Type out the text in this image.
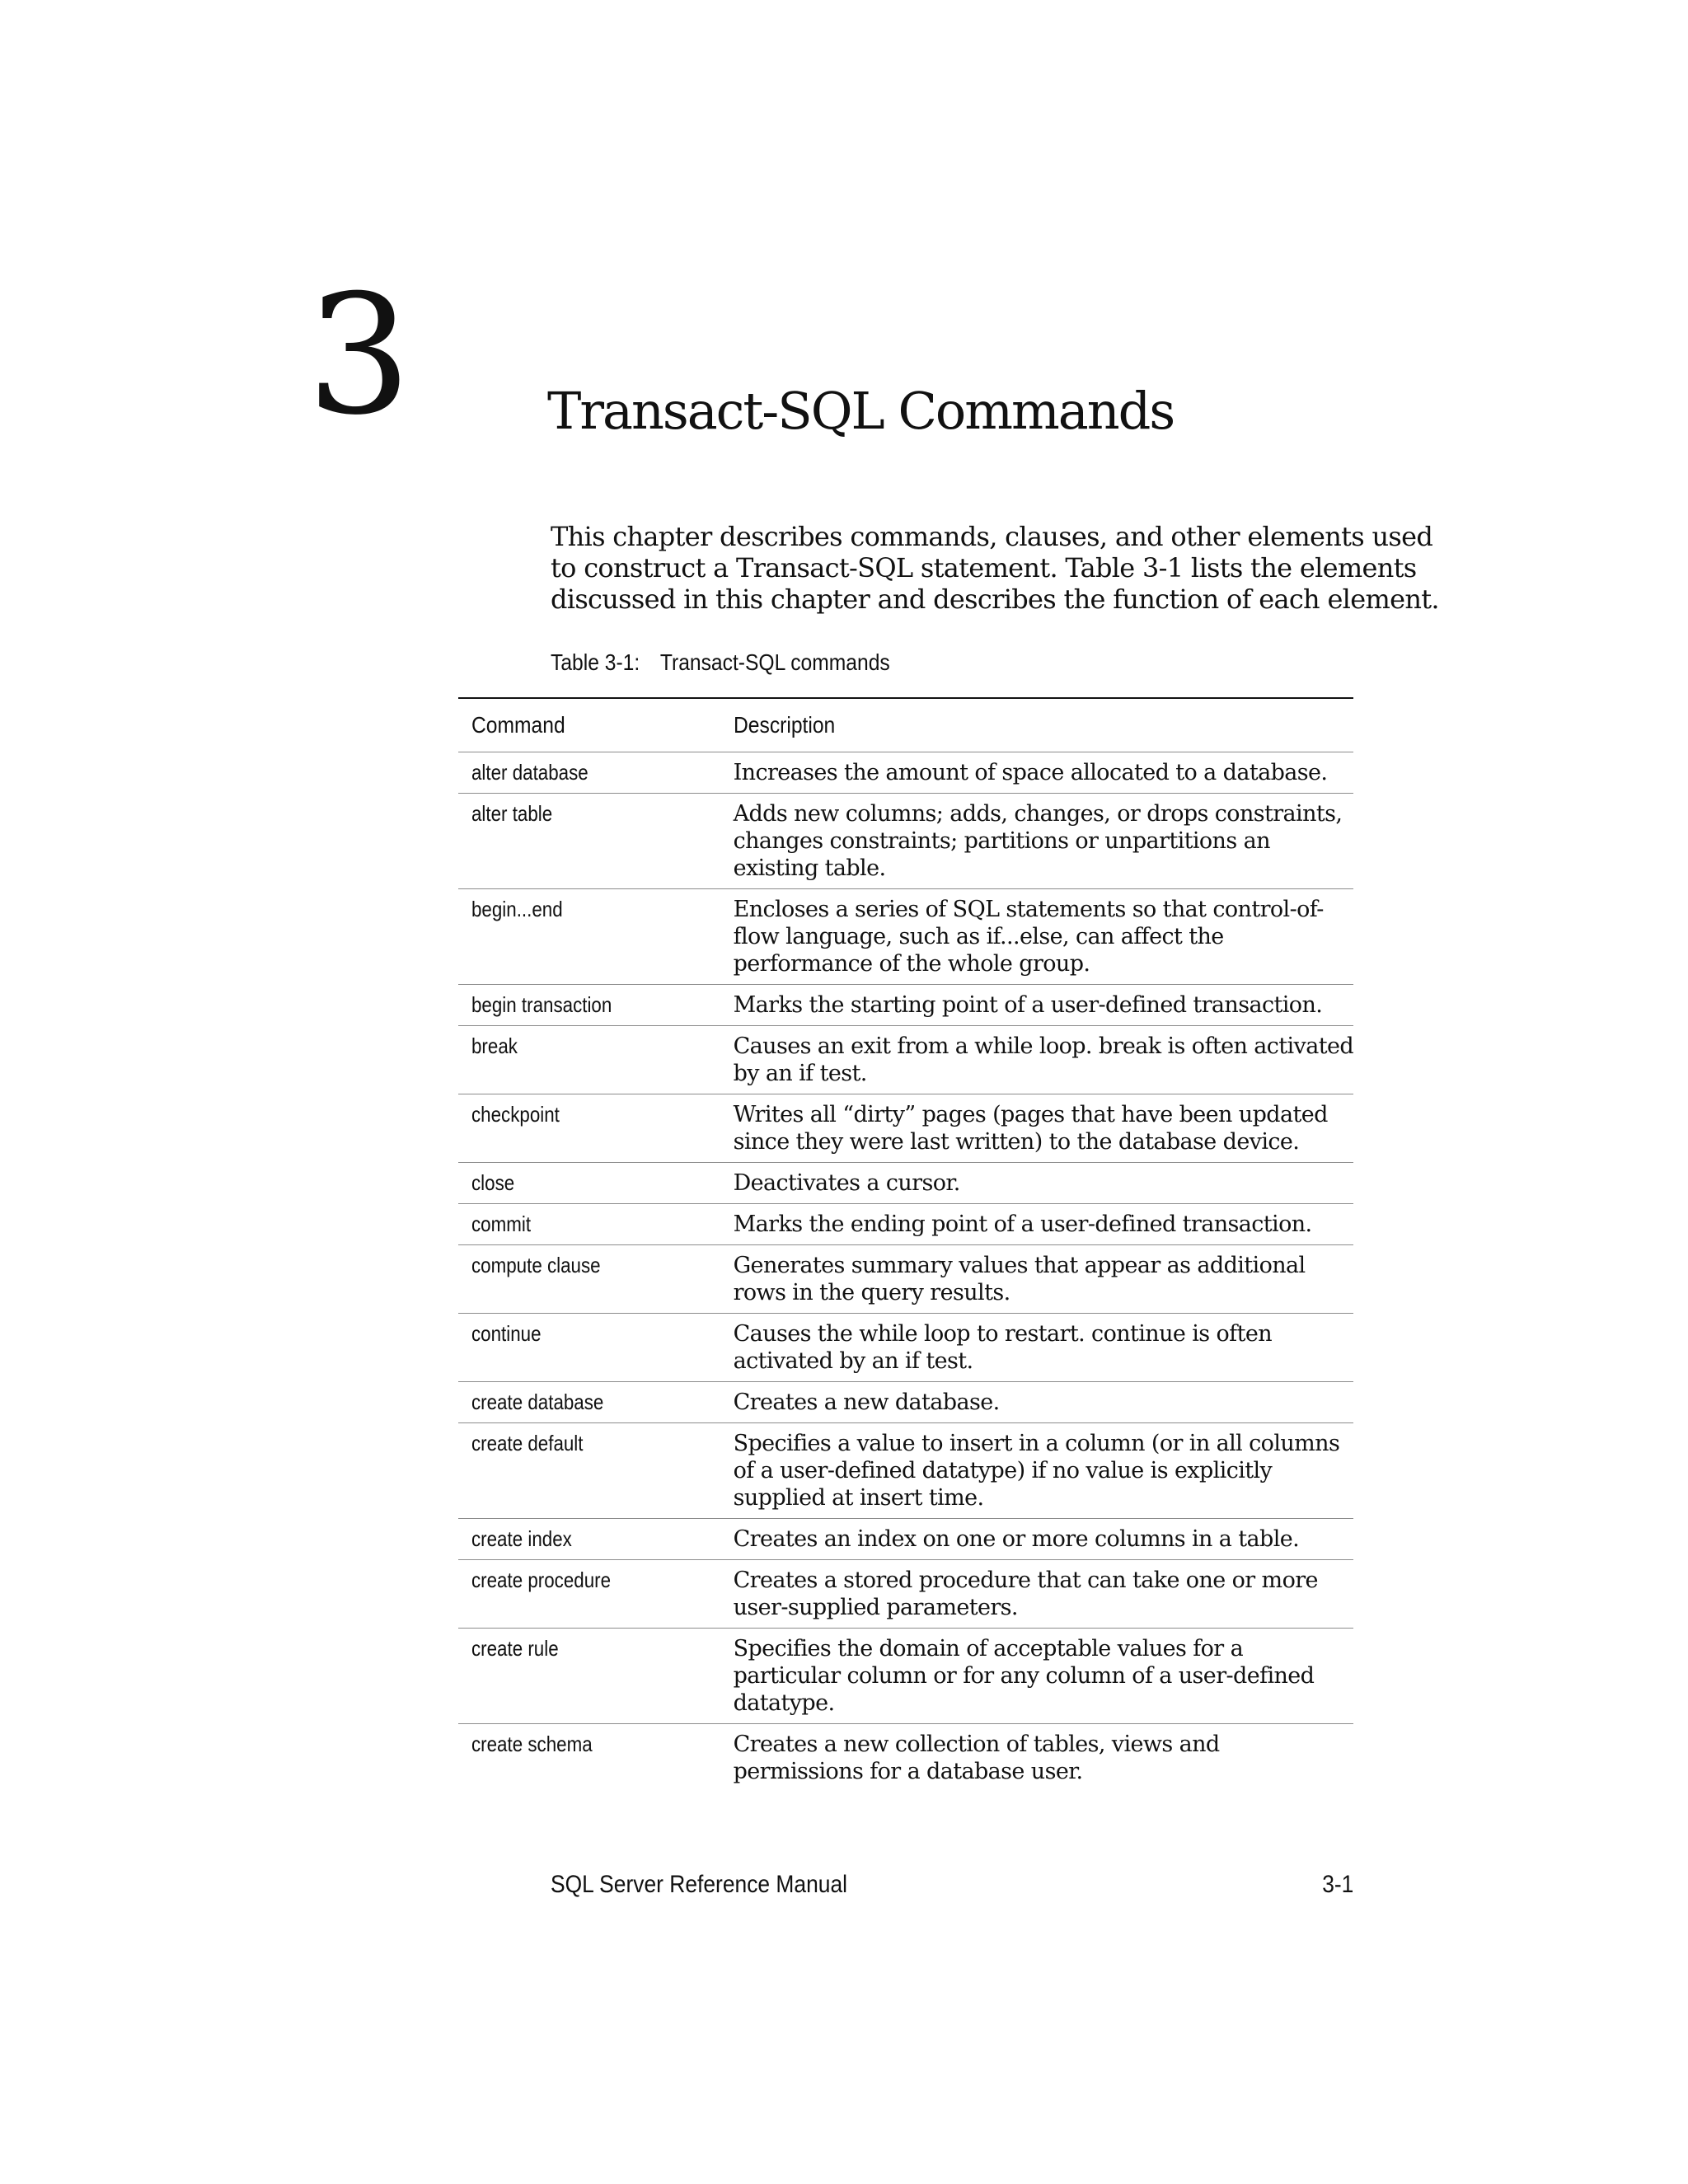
3	Transact-SQL Commands
This chapter describes commands, clauses, and other elements used
to construct a Transact-SQL statement. Table 3-1 lists the elements
discussed in this chapter and describes the function of each element.
Table 3-1: Transact-SQL commands
Command	Description
alter database	Increases the amount of space allocated to a database.

alter table	Adds new columns; adds, changes, or drops constraints,
changes constraints; partitions or unpartitions an
existing table.

begin...end	Encloses a series of SQL statements so that control-of-
flow language, such as if...else, can affect the
performance of the whole group.

begin transaction	Marks the starting point of a user-defined transaction.

break	Causes an exit from a while loop. break is often activated
by an if test.

checkpoint	Writes all “dirty” pages (pages that have been updated
since they were last written) to the database device.

close	Deactivates a cursor.

commit	Marks the ending point of a user-defined transaction.

compute clause	Generates summary values that appear as additional
rows in the query results.

continue	Causes the while loop to restart. continue is often
activated by an if test.

create database	Creates a new database.

create default	Specifies a value to insert in a column (or in all columns
of a user-defined datatype) if no value is explicitly
supplied at insert time.

create index	Creates an index on one or more columns in a table.

create procedure	Creates a stored procedure that can take one or more
user-supplied parameters.

create rule	Specifies the domain of acceptable values for a
particular column or for any column of a user-defined
datatype.

create schema	Creates a new collection of tables, views and
permissions for a database user.
SQL Server Reference Manual	3-1
